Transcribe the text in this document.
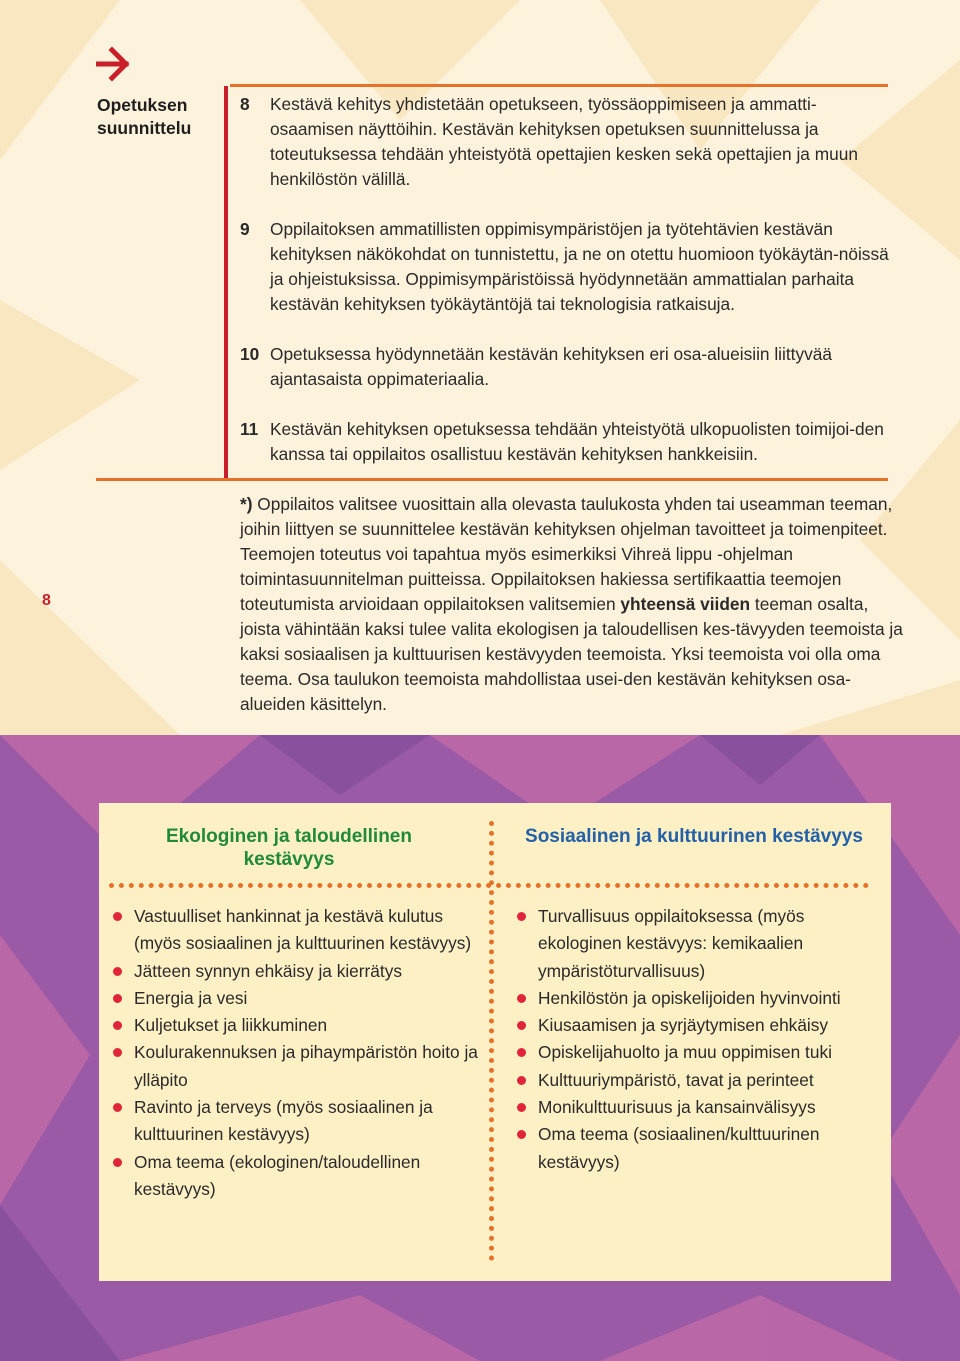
Opetuksen suunnittelu
8 Kestävä kehitys yhdistetään opetukseen, työssäoppimiseen ja ammatti-osaamisen näyttöihin. Kestävän kehityksen opetuksen suunnittelussa ja toteutuksessa tehdään yhteistyötä opettajien kesken sekä opettajien ja muun henkilöstön välillä.
9 Oppilaitoksen ammatillisten oppimisympäristöjen ja työtehtävien kestävän kehityksen näkökohdat on tunnistettu, ja ne on otettu huomioon työkäytän-nöissä ja ohjeistuksissa. Oppimisympäristöissä hyödynnetään ammattialan parhaita kestävän kehityksen työkäytäntöjä tai teknologisia ratkaisuja.
10 Opetuksessa hyödynnetään kestävän kehityksen eri osa-alueisiin liittyvää ajantasaista oppimateriaalia.
11 Kestävän kehityksen opetuksessa tehdään yhteistyötä ulkopuolisten toimijoi-den kanssa tai oppilaitos osallistuu kestävän kehityksen hankkeisiin.
8

*) Oppilaitos valitsee vuosittain alla olevasta taulukosta yhden tai useamman teeman, joihin liittyen se suunnittelee kestävän kehityksen ohjelman tavoitteet ja toimenpiteet. Teemojen toteutus voi tapahtua myös esimerkiksi Vihreä lippu -ohjelman toimintasuunnitelman puitteissa. Oppilaitoksen hakiessa sertifikaattia teemojen toteutumista arvioidaan oppilaitoksen valitsemien yhteensä viiden teeman osalta, joista vähintään kaksi tulee valita ekologisen ja taloudellisen kes-tävyyden teemoista ja kaksi sosiaalisen ja kulttuurisen kestävyyden teemoista. Yksi teemoista voi olla oma teema. Osa taulukon teemoista mahdollistaa usei-den kestävän kehityksen osa-alueiden käsittelyn.

Ekologinen ja taloudellinen kestävyys
Sosiaalinen ja kulttuurinen kestävyys
Vastuulliset hankinnat ja kestävä kulutus (myös sosiaalinen ja kulttuurinen kestävyys)
Jätteen synnyn ehkäisy ja kierrätys
Energia ja vesi
Kuljetukset ja liikkuminen
Koulurakennuksen ja pihaympäristön hoito ja ylläpito
Ravinto ja terveys (myös sosiaalinen ja kulttuurinen kestävyys)
Oma teema (ekologinen/taloudellinen kestävyys)
Turvallisuus oppilaitoksessa (myös ekologinen kestävyys: kemikaalien ympäristöturvallisuus)
Henkilöstön ja opiskelijoiden hyvinvointi
Kiusaamisen ja syrjäytymisen ehkäisy
Opiskelijahuolto ja muu oppimisen tuki
Kulttuuriympäristö, tavat ja perinteet
Monikulttuurisuus ja kansainvälisyys
Oma teema (sosiaalinen/kulttuurinen kestävyys)
